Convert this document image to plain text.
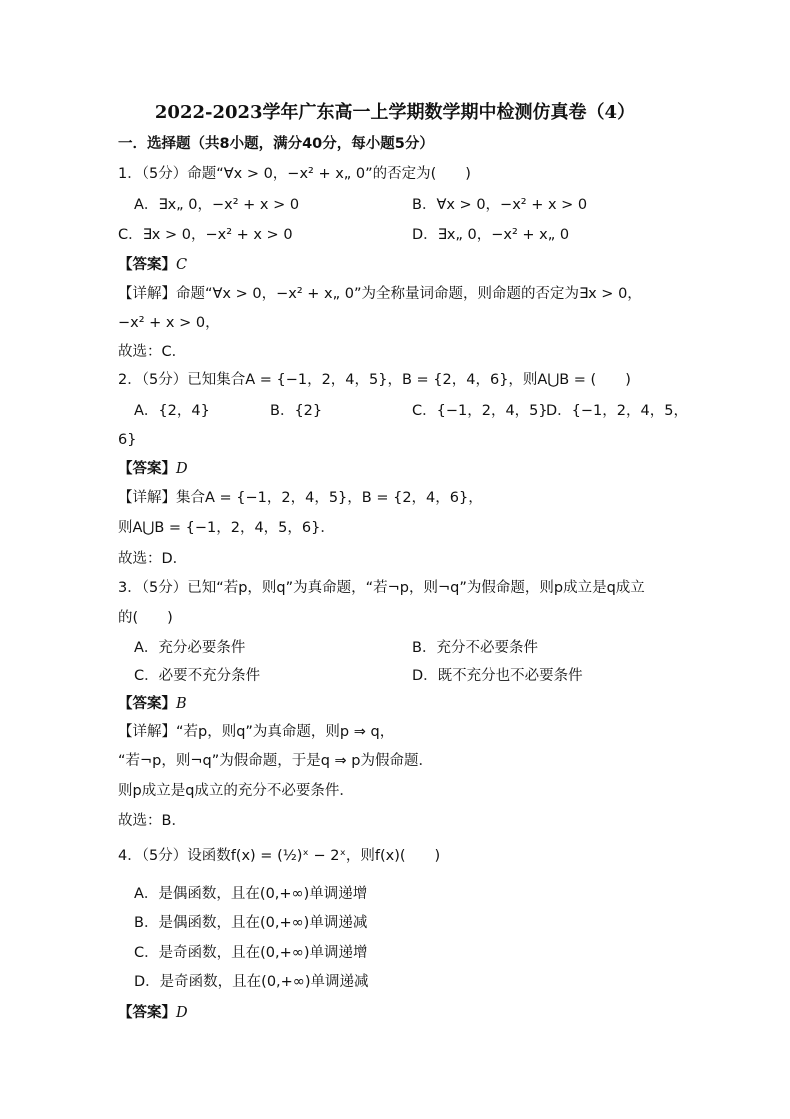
2022-2023学年广东高一上学期数学期中检测仿真卷（4）
一．选择题（共8小题，满分40分，每小题5分）
1．（5分）命题“∀x > 0，−x² + x„ 0”的否定为(　　)
A．∃x„ 0，−x² + x > 0	B．∀x > 0，−x² + x > 0
C．∃x > 0，−x² + x > 0	D．∃x„ 0，−x² + x„ 0
【答案】C
【详解】命题“∀x > 0，−x² + x„ 0”为全称量词命题，则命题的否定为∃x > 0，
−x² + x > 0，
故选：C．
2．（5分）已知集合A = {−1，2，4，5}，B = {2，4，6}，则A⋃B = (　　)
A．{2，4}	B．{2}	C．{−1，2，4，5}
D．{−1，2，4，5，
6}
【答案】D
【详解】集合A = {−1，2，4，5}，B = {2，4，6}，
则A⋃B = {−1，2，4，5，6}．
故选：D．
3．（5分）已知“若p，则q”为真命题，“若¬p，则¬q”为假命题，则p成立是q成立
的(　　)
A．充分必要条件	B．充分不必要条件
C．必要不充分条件	D．既不充分也不必要条件
【答案】B
【详解】“若p，则q”为真命题，则p ⇒ q，
“若¬p，则¬q”为假命题，于是q ⇒ p为假命题．
则p成立是q成立的充分不必要条件．
故选：B．
4．（5分）设函数f(x) = (½)ˣ − 2ˣ，则f(x)(　　)
A．是偶函数，且在(0,+∞)单调递增
B．是偶函数，且在(0,+∞)单调递减
C．是奇函数，且在(0,+∞)单调递增
D．是奇函数，且在(0,+∞)单调递减
【答案】D
